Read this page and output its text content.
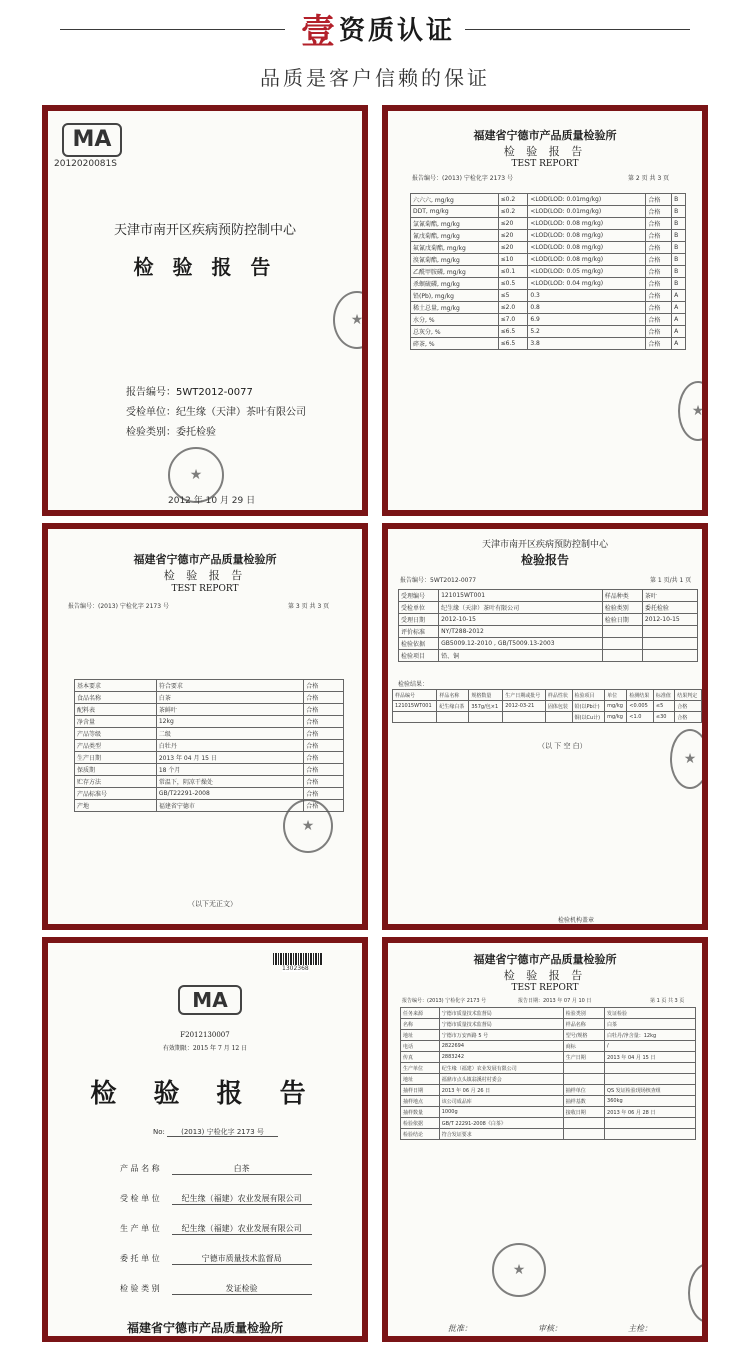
壹 资质认证
品质是客户信赖的保证
MA
2012020081S
天津市南开区疾病预防控制中心
检 验 报 告
报告编号：5WT2012-0077
受检单位：纪生缘（天津）茶叶有限公司
检验类别：委托检验
★
★
2012 年 10 月 29 日
福建省宁德市产品质量检验所
检 验 报 告
TEST REPORT
报告编号：(2013) 宁检化字 2173 号	第 2 页 共 3 页
六六六, mg/kg	≤0.2	<LOD(LOD: 0.01mg/kg)	合格	B
DDT, mg/kg	≤0.2	<LOD(LOD: 0.01mg/kg)	合格	B
氯氰菊酯, mg/kg	≤20	<LOD(LOD: 0.08 mg/kg)	合格	B
氰戊菊酯, mg/kg	≤20	<LOD(LOD: 0.08 mg/kg)	合格	B
氟氰戊菊酯, mg/kg	≤20	<LOD(LOD: 0.08 mg/kg)	合格	B
溴氰菊酯, mg/kg	≤10	<LOD(LOD: 0.08 mg/kg)	合格	B
乙酰甲胺磷, mg/kg	≤0.1	<LOD(LOD: 0.05 mg/kg)	合格	B
杀螟硫磷, mg/kg	≤0.5	<LOD(LOD: 0.04 mg/kg)	合格	B
铅(Pb), mg/kg	≤5	0.3	合格	A
稀土总量, mg/kg	≤2.0	0.8	合格	A
水分, %	≤7.0	6.9	合格	A
总灰分, %	≤6.5	5.2	合格	A
碎茶, %	≤6.5	3.8	合格	A
★
福建省宁德市产品质量检验所
检 验 报 告
TEST REPORT
报告编号：(2013) 宁检化字 2173 号	第 3 页 共 3 页
基本要求	符合要求	合格
食品名称	白茶	合格
配料表	茶鲜叶	合格
净含量	12kg	合格
产品等级	二级	合格
产品类型	白牡丹	合格
生产日期	2013 年 04 月 15 日	合格
保质期	18 个月	合格
贮存方法	常温下，阴凉干燥处	合格
产品标准号	GB/T22291-2008	合格
产地	福建省宁德市	合格
（以下无正文）
★
天津市南开区疾病预防控制中心
检验报告
报告编号：5WT2012-0077	第 1 页/共 1 页
受理编号	121015WT001	样品种类	茶叶
受检单位	纪生缘（天津）茶叶有限公司	检验类别	委托检验
受理日期	2012-10-15	检验日期	2012-10-15
评价标准	NY/T288-2012		
检验依据	GB5009.12-2010 , GB/T5009.13-2003		
检验项目	铅、铜		
检验结果：
样品编号	样品名称	规格数量	生产日期或批号	样品性状	检验项目	单位	检测结果	标准值	结果判定
121015WT001	纪生缘白茶	357g/包×1	2012-03-21	固体包装	铅(以Pb计)	mg/kg	<0.005	≤5	合格
					铜(以Cu计)	mg/kg	<1.0	≤30	合格
（以 下 空 白）
★
检验机构盖章
1302368
MA
F2012130007
有效期限：2015 年 7 月 12 日
检 验 报 告
No: (2013) 宁检化字 2173 号
产 品 名 称	白茶
受 检 单 位	纪生缘（福建）农业发展有限公司
生 产 单 位	纪生缘（福建）农业发展有限公司
委 托 单 位	宁德市质量技术监督局
检 验 类 别	发证检验
福建省宁德市产品质量检验所
福建省宁德市产品质量检验所
检 验 报 告
TEST REPORT
报告编号：(2013) 宁检化字 2173 号	报告日期：2013 年 07 月 10 日	第 1 页 共 3 页
任务来源	宁德市质量技术监督局	检验类别	发证检验
名称	宁德市质量技术监督局	样品名称	白茶
地址	宁德市万安西路 5 号	型号/规格	白牡丹/净含量：12kg
电话	2822694	商标	/
传真	2883242	生产日期	2013 年 04 月 15 日
生产单位	纪生缘（福建）农业发展有限公司		
地址	福鼎市点头镇翁溪村村委会		
抽样日期	2013 年 06 月 26 日	抽样单位	QS 发证检验现场核查组
抽样地点	该公司成品库	抽样基数	360kg
抽样数量	1000g	接收日期	2013 年 06 月 28 日
检验依据	GB/T 22291-2008《白茶》		
检验结论	符合发证要求		
★
★
批准：	审核：	主检：
